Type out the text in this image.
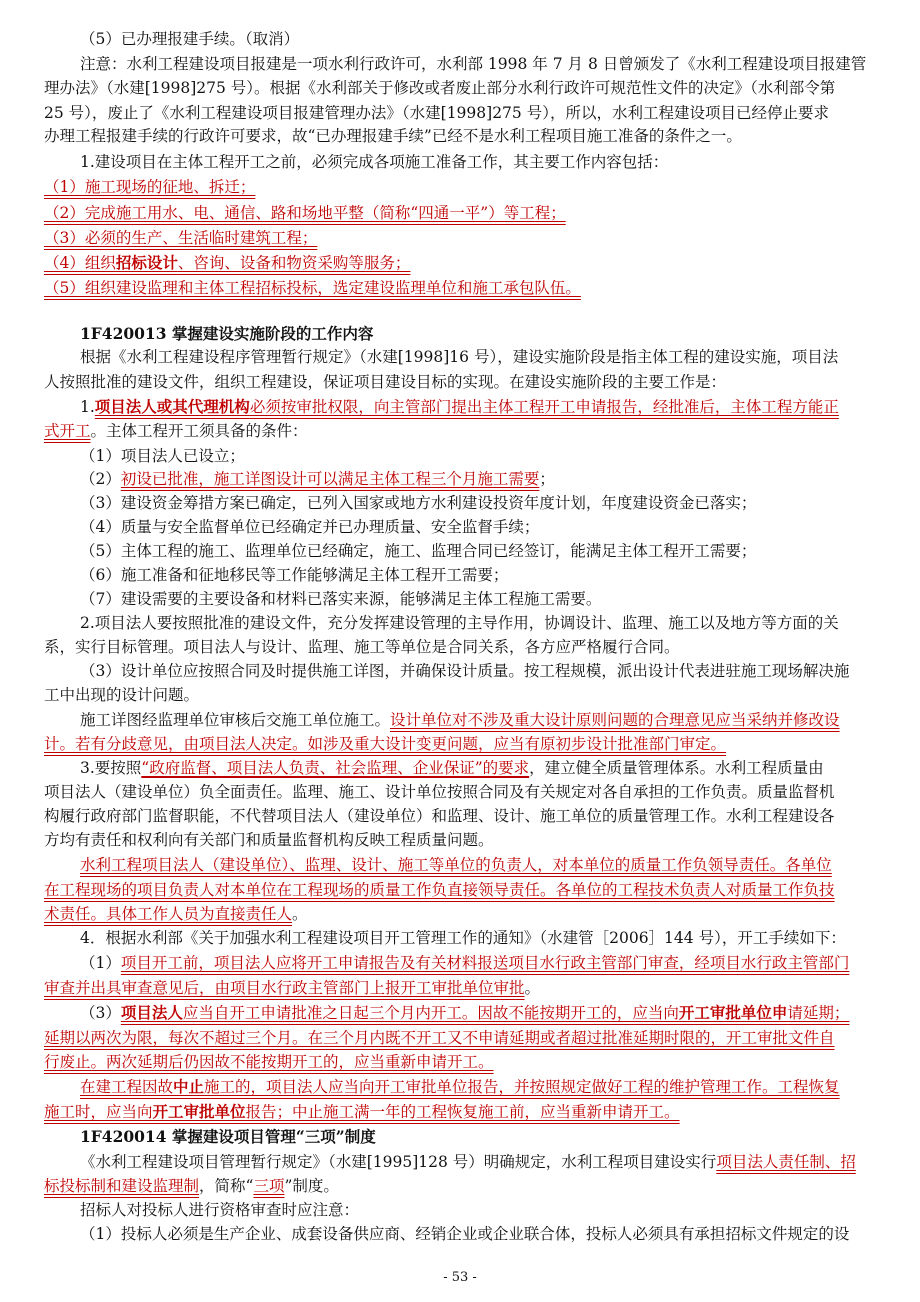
（5）已办理报建手续。（取消）
注意：水利工程建设项目报建是一项水利行政许可，水利部 1998 年 7 月 8 日曾颁发了《水利工程建设项目报建管
理办法》（水建[1998]275 号）。根据《水利部关于修改或者废止部分水利行政许可规范性文件的决定》（水利部令第
25 号），废止了《水利工程建设项目报建管理办法》（水建[1998]275 号），所以，水利工程建设项目已经停止要求
办理工程报建手续的行政许可要求，故“已办理报建手续”已经不是水利工程项目施工准备的条件之一。
1.建设项目在主体工程开工之前，必须完成各项施工准备工作，其主要工作内容包括：
（1）施工现场的征地、拆迁；
（2）完成施工用水、电、通信、路和场地平整（简称“四通一平”）等工程；
（3）必须的生产、生活临时建筑工程；
（4）组织招标设计、咨询、设备和物资采购等服务；
（5）组织建设监理和主体工程招标投标，选定建设监理单位和施工承包队伍。
1F420013 掌握建设实施阶段的工作内容
根据《水利工程建设程序管理暂行规定》（水建[1998]16 号），建设实施阶段是指主体工程的建设实施，项目法
人按照批准的建设文件，组织工程建设，保证项目建设目标的实现。在建设实施阶段的主要工作是：
1.项目法人或其代理机构必须按审批权限，向主管部门提出主体工程开工申请报告，经批准后，主体工程方能正
式开工。主体工程开工须具备的条件：
（1）项目法人已设立；
（2）初设已批准，施工详图设计可以满足主体工程三个月施工需要；
（3）建设资金筹措方案已确定，已列入国家或地方水利建设投资年度计划，年度建设资金已落实；
（4）质量与安全监督单位已经确定并已办理质量、安全监督手续；
（5）主体工程的施工、监理单位已经确定，施工、监理合同已经签订，能满足主体工程开工需要；
（6）施工准备和征地移民等工作能够满足主体工程开工需要；
（7）建设需要的主要设备和材料已落实来源，能够满足主体工程施工需要。
2.项目法人要按照批准的建设文件，充分发挥建设管理的主导作用，协调设计、监理、施工以及地方等方面的关
系，实行目标管理。项目法人与设计、监理、施工等单位是合同关系，各方应严格履行合同。
（3）设计单位应按照合同及时提供施工详图，并确保设计质量。按工程规模，派出设计代表进驻施工现场解决施
工中出现的设计问题。
施工详图经监理单位审核后交施工单位施工。设计单位对不涉及重大设计原则问题的合理意见应当采纳并修改设
计。若有分歧意见，由项目法人决定。如涉及重大设计变更问题，应当有原初步设计批准部门审定。
3.要按照“政府监督、项目法人负责、社会监理、企业保证”的要求，建立健全质量管理体系。水利工程质量由
项目法人（建设单位）负全面责任。监理、施工、设计单位按照合同及有关规定对各自承担的工作负责。质量监督机
构履行政府部门监督职能，不代替项目法人（建设单位）和监理、设计、施工单位的质量管理工作。水利工程建设各
方均有责任和权利向有关部门和质量监督机构反映工程质量问题。
水利工程项目法人（建设单位）、监理、设计、施工等单位的负责人，对本单位的质量工作负领导责任。各单位
在工程现场的项目负责人对本单位在工程现场的质量工作负直接领导责任。各单位的工程技术负责人对质量工作负技
术责任。具体工作人员为直接责任人。
4．根据水利部《关于加强水利工程建设项目开工管理工作的通知》（水建管［2006］144 号），开工手续如下：
（1）项目开工前，项目法人应将开工申请报告及有关材料报送项目水行政主管部门审查，经项目水行政主管部门
审查并出具审查意见后，由项目水行政主管部门上报开工审批单位审批。
（3）项目法人应当自开工申请批准之日起三个月内开工。因故不能按期开工的，应当向开工审批单位申请延期；
延期以两次为限，每次不超过三个月。在三个月内既不开工又不申请延期或者超过批准延期时限的，开工审批文件自
行废止。两次延期后仍因故不能按期开工的，应当重新申请开工。
在建工程因故中止施工的，项目法人应当向开工审批单位报告，并按照规定做好工程的维护管理工作。工程恢复
施工时，应当向开工审批单位报告；中止施工满一年的工程恢复施工前，应当重新申请开工。
1F420014 掌握建设项目管理“三项”制度
《水利工程建设项目管理暂行规定》（水建[1995]128 号）明确规定，水利工程项目建设实行项目法人责任制、招
标投标制和建设监理制，简称“三项”制度。
招标人对投标人进行资格审查时应注意：
（1）投标人必须是生产企业、成套设备供应商、经销企业或企业联合体，投标人必须具有承担招标文件规定的设
- 53 -
